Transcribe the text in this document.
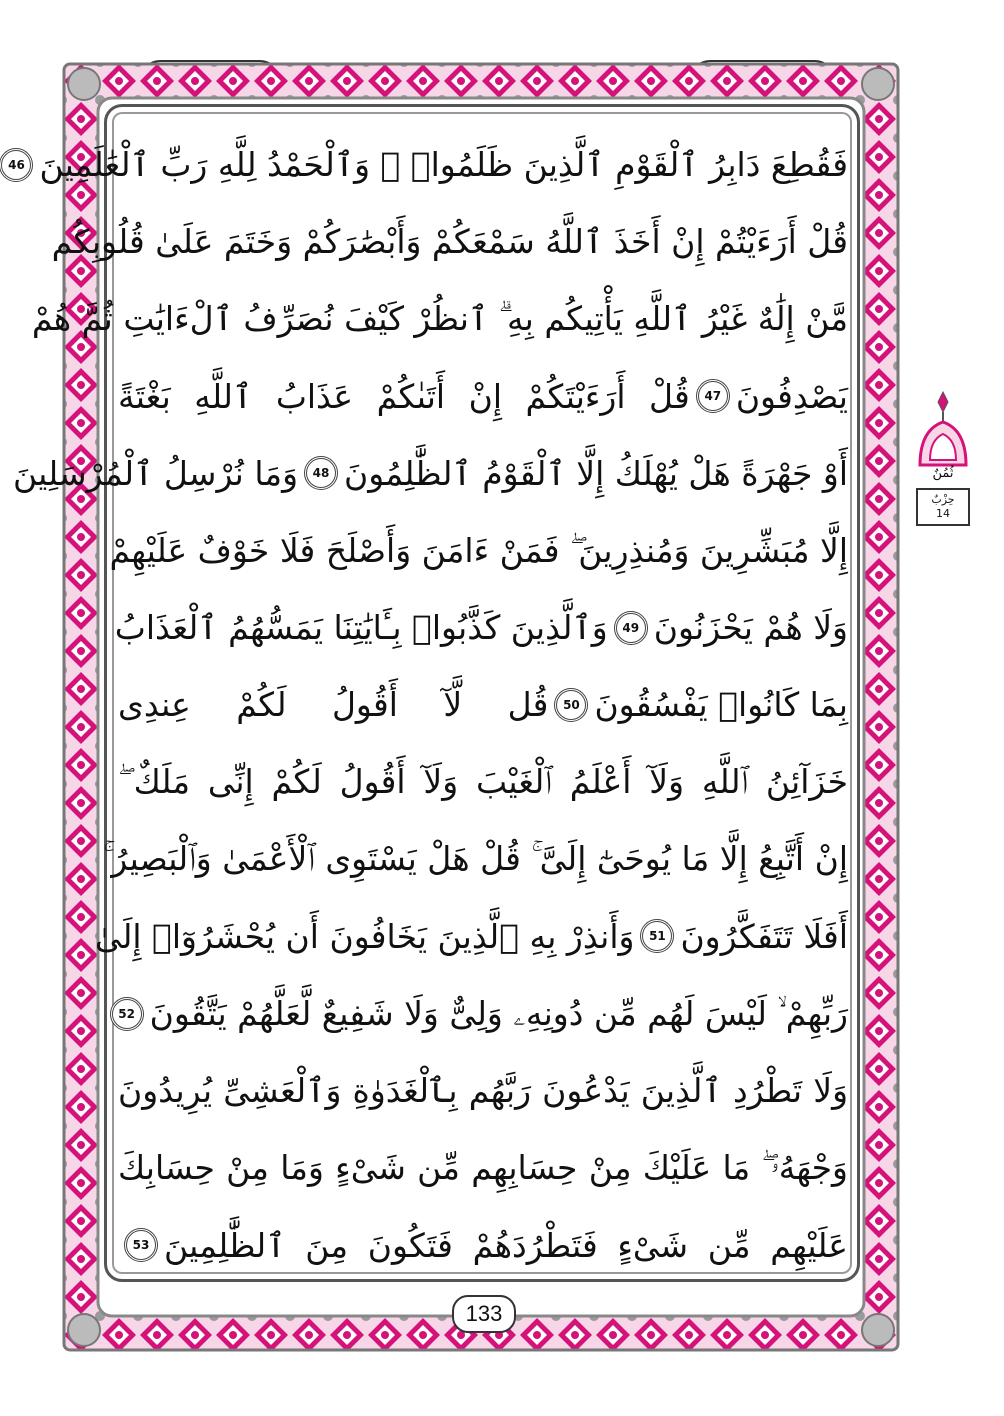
فَقُطِعَ دَابِرُ ٱلْقَوْمِ ٱلَّذِينَ ظَلَمُوا۟ ۚ وَٱلْحَمْدُ لِلَّهِ رَبِّ ٱلْعَٰلَمِينَ
46
قُلْ أَرَءَيْتُمْ إِنْ أَخَذَ ٱللَّهُ سَمْعَكُمْ وَأَبْصَٰرَكُمْ وَخَتَمَ عَلَىٰ قُلُوبِكُم
مَّنْ إِلَٰهٌ غَيْرُ ٱللَّهِ يَأْتِيكُم بِهِ ۗ ٱنظُرْ كَيْفَ نُصَرِّفُ ٱلْءَايَٰتِ ثُمَّ هُمْ
يَصْدِفُونَ
47
قُلْ أَرَءَيْتَكُمْ إِنْ أَتَىٰكُمْ عَذَابُ ٱللَّهِ بَغْتَةً
أَوْ جَهْرَةً هَلْ يُهْلَكُ إِلَّا ٱلْقَوْمُ ٱلظَّٰلِمُونَ
48
وَمَا نُرْسِلُ ٱلْمُرْسَلِينَ
إِلَّا مُبَشِّرِينَ وَمُنذِرِينَ ۖ فَمَنْ ءَامَنَ وَأَصْلَحَ فَلَا خَوْفٌ عَلَيْهِمْ
وَلَا هُمْ يَحْزَنُونَ
49
وَٱلَّذِينَ كَذَّبُوا۟ بِـَٔايَٰتِنَا يَمَسُّهُمُ ٱلْعَذَابُ
بِمَا كَانُوا۟ يَفْسُقُونَ
50
قُل لَّآ أَقُولُ لَكُمْ عِندِى
خَزَآئِنُ ٱللَّهِ وَلَآ أَعْلَمُ ٱلْغَيْبَ وَلَآ أَقُولُ لَكُمْ إِنِّى مَلَكٌ ۖ
إِنْ أَتَّبِعُ إِلَّا مَا يُوحَىٰٓ إِلَىَّ ۚ قُلْ هَلْ يَسْتَوِى ٱلْأَعْمَىٰ وَٱلْبَصِيرُ ۚ
أَفَلَا تَتَفَكَّرُونَ
51
وَأَنذِرْ بِهِ ٱلَّذِينَ يَخَافُونَ أَن يُحْشَرُوٓا۟ إِلَىٰ
رَبِّهِمْ ۙ لَيْسَ لَهُم مِّن دُونِهِۦ وَلِىٌّ وَلَا شَفِيعٌ لَّعَلَّهُمْ يَتَّقُونَ
52
وَلَا تَطْرُدِ ٱلَّذِينَ يَدْعُونَ رَبَّهُم بِٱلْغَدَوٰةِ وَٱلْعَشِىِّ يُرِيدُونَ
وَجْهَهُۥ ۖ مَا عَلَيْكَ مِنْ حِسَابِهِم مِّن شَىْءٍ وَمَا مِنْ حِسَابِكَ
عَلَيْهِم مِّن شَىْءٍ فَتَطْرُدَهُمْ فَتَكُونَ مِنَ ٱلظَّٰلِمِينَ
53
133
ثُمُنٌ
حِزْبٌ
14
